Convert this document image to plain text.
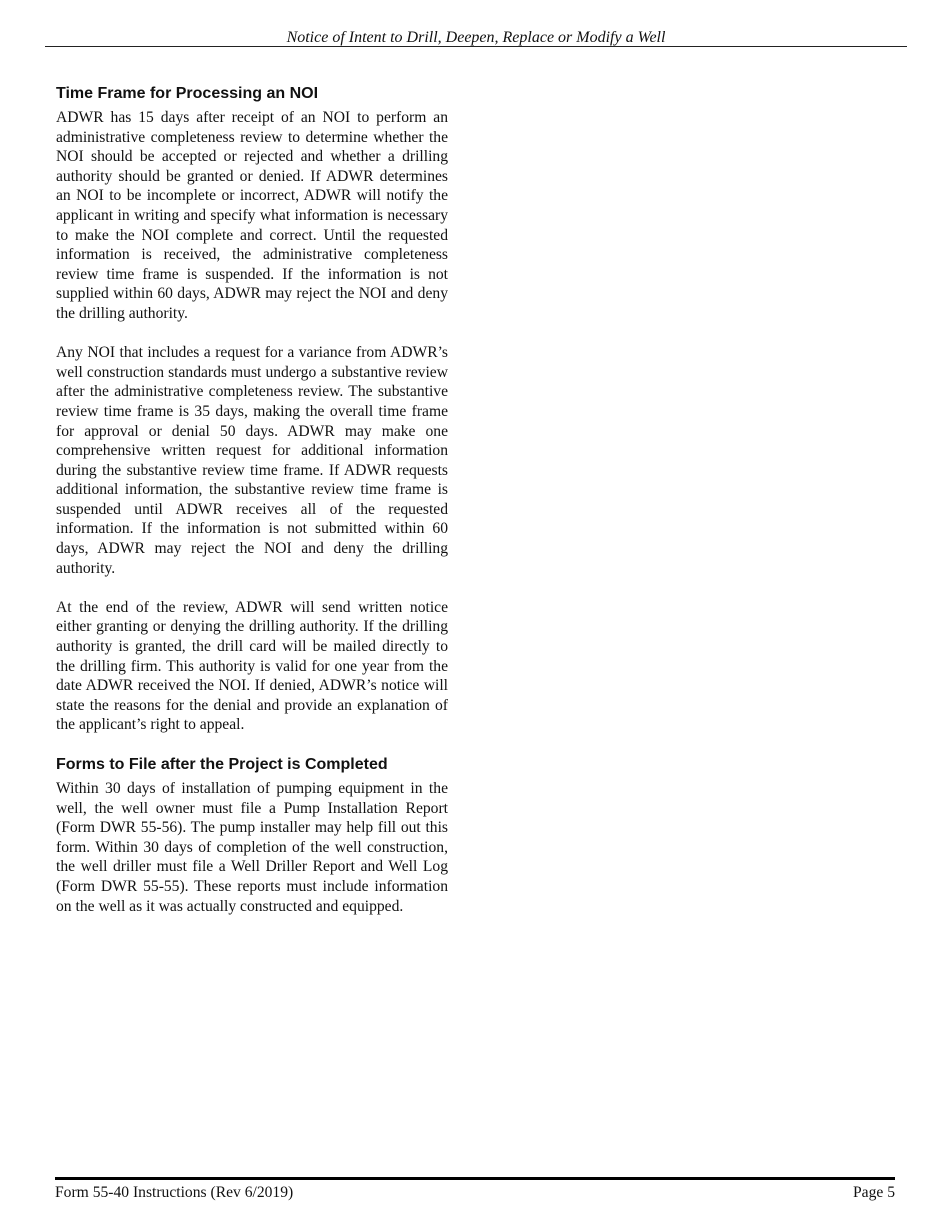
Notice of Intent to Drill, Deepen, Replace or Modify a Well
Time Frame for Processing an NOI

ADWR has 15 days after receipt of an NOI to perform an administrative completeness review to determine whether the NOI should be accepted or rejected and whether a drilling authority should be granted or denied. If ADWR determines an NOI to be incomplete or incorrect, ADWR will notify the applicant in writing and specify what information is necessary to make the NOI complete and correct. Until the requested information is received, the administrative completeness review time frame is suspended. If the information is not supplied within 60 days, ADWR may reject the NOI and deny the drilling authority.

Any NOI that includes a request for a variance from ADWR’s well construction standards must undergo a substantive review after the administrative completeness review. The substantive review time frame is 35 days, making the overall time frame for approval or denial 50 days. ADWR may make one comprehensive written request for additional information during the substantive review time frame. If ADWR requests additional information, the substantive review time frame is suspended until ADWR receives all of the requested information. If the information is not submitted within 60 days, ADWR may reject the NOI and deny the drilling authority.

At the end of the review, ADWR will send written notice either granting or denying the drilling authority. If the drilling authority is granted, the drill card will be mailed directly to the drilling firm. This authority is valid for one year from the date ADWR received the NOI. If denied, ADWR’s notice will state the reasons for the denial and provide an explanation of the applicant’s right to appeal.

Forms to File after the Project is Completed

Within 30 days of installation of pumping equipment in the well, the well owner must file a Pump Installation Report (Form DWR 55-56). The pump installer may help fill out this form. Within 30 days of completion of the well construction, the well driller must file a Well Driller Report and Well Log (Form DWR 55-55). These reports must include information on the well as it was actually constructed and equipped.

Form 55-40 Instructions (Rev 6/2019)	Page 5
